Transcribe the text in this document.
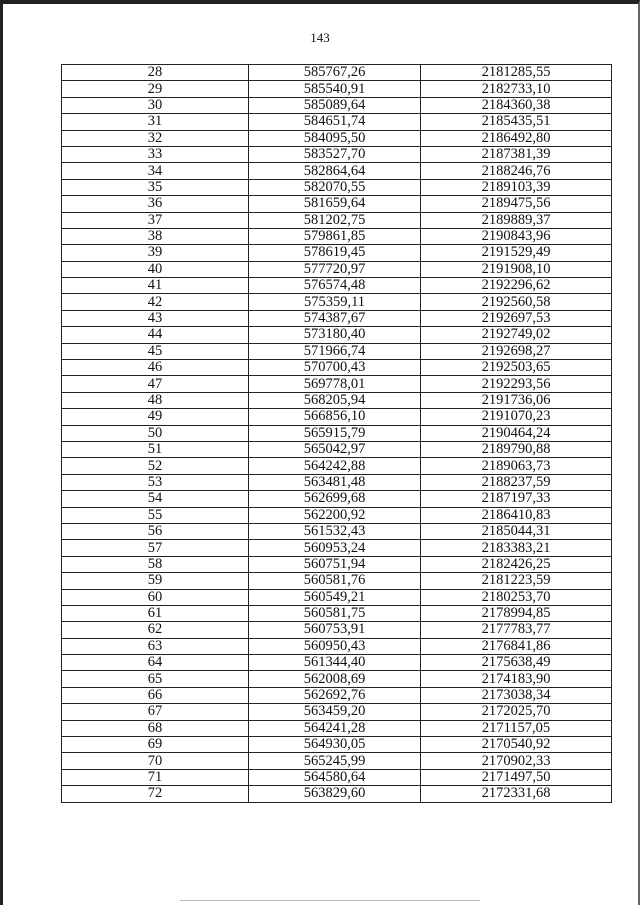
143
28	585767,26	2181285,55
29	585540,91	2182733,10
30	585089,64	2184360,38
31	584651,74	2185435,51
32	584095,50	2186492,80
33	583527,70	2187381,39
34	582864,64	2188246,76
35	582070,55	2189103,39
36	581659,64	2189475,56
37	581202,75	2189889,37
38	579861,85	2190843,96
39	578619,45	2191529,49
40	577720,97	2191908,10
41	576574,48	2192296,62
42	575359,11	2192560,58
43	574387,67	2192697,53
44	573180,40	2192749,02
45	571966,74	2192698,27
46	570700,43	2192503,65
47	569778,01	2192293,56
48	568205,94	2191736,06
49	566856,10	2191070,23
50	565915,79	2190464,24
51	565042,97	2189790,88
52	564242,88	2189063,73
53	563481,48	2188237,59
54	562699,68	2187197,33
55	562200,92	2186410,83
56	561532,43	2185044,31
57	560953,24	2183383,21
58	560751,94	2182426,25
59	560581,76	2181223,59
60	560549,21	2180253,70
61	560581,75	2178994,85
62	560753,91	2177783,77
63	560950,43	2176841,86
64	561344,40	2175638,49
65	562008,69	2174183,90
66	562692,76	2173038,34
67	563459,20	2172025,70
68	564241,28	2171157,05
69	564930,05	2170540,92
70	565245,99	2170902,33
71	564580,64	2171497,50
72	563829,60	2172331,68
